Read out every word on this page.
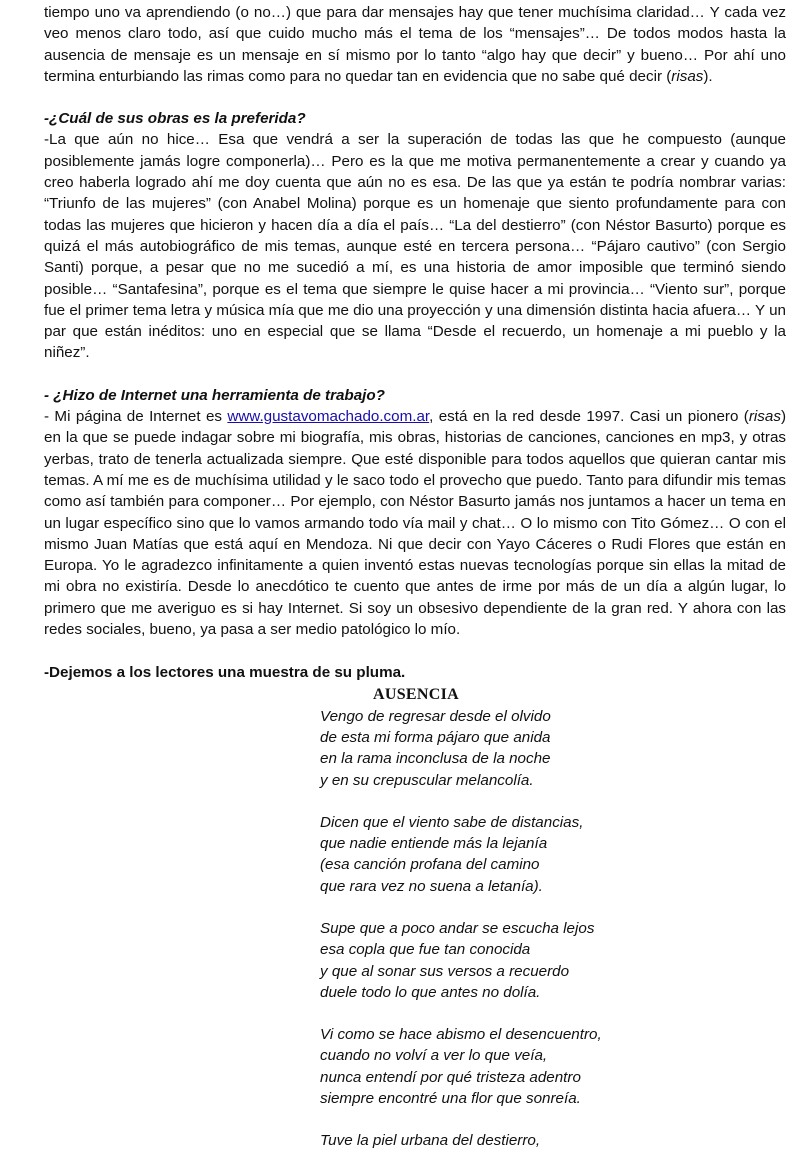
tiempo uno va aprendiendo (o no…) que para dar mensajes hay que tener muchísima claridad… Y cada vez veo menos claro todo, así que cuido mucho más el tema de los “mensajes”… De todos modos hasta la ausencia de mensaje es un mensaje en sí mismo por lo tanto “algo hay que decir” y bueno… Por ahí uno termina enturbiando las rimas como para no quedar tan en evidencia que no sabe qué decir (risas).

-¿Cuál de sus obras es la preferida?

-La que aún no hice… Esa que vendrá a ser la superación de todas las que he compuesto (aunque posiblemente jamás logre componerla)… Pero es la que me motiva permanentemente a crear y cuando ya creo haberla logrado ahí me doy cuenta que aún no es esa. De las que ya están te podría nombrar varias: “Triunfo de las mujeres” (con Anabel Molina) porque es un homenaje que siento profundamente para con todas las mujeres que hicieron y hacen día a día el país… “La del destierro” (con Néstor Basurto) porque es quizá el más autobiográfico de mis temas, aunque esté en tercera persona… “Pájaro cautivo” (con Sergio Santi) porque, a pesar que no me sucedió a mí, es una historia de amor imposible que terminó siendo posible… “Santafesina”, porque es el tema que siempre le quise hacer a mi provincia… “Viento sur”, porque fue el primer tema letra y música mía que me dio una proyección y una dimensión distinta hacia afuera… Y un par que están inéditos: uno en especial que se llama “Desde el recuerdo, un homenaje a mi pueblo y la niñez”.

- ¿Hizo de Internet una herramienta de trabajo?

- Mi página de Internet es www.gustavomachado.com.ar, está en la red desde 1997. Casi un pionero (risas) en la que se puede indagar sobre mi biografía, mis obras, historias de canciones, canciones en mp3, y otras yerbas, trato de tenerla actualizada siempre. Que esté disponible para todos aquellos que quieran cantar mis temas. A mí me es de muchísima utilidad y le saco todo el provecho que puedo. Tanto para difundir mis temas como así también para componer… Por ejemplo, con Néstor Basurto jamás nos juntamos a hacer un tema en un lugar específico sino que lo vamos armando todo vía mail y chat… O lo mismo con Tito Gómez… O con el mismo Juan Matías que está aquí en Mendoza. Ni que decir con Yayo Cáceres o Rudi Flores que están en Europa. Yo le agradezco infinitamente a quien inventó estas nuevas tecnologías porque sin ellas la mitad de mi obra no existiría. Desde lo anecdótico te cuento que antes de irme por más de un día a algún lugar, lo primero que me averiguo es si hay Internet. Si soy un obsesivo dependiente de la gran red. Y ahora con las redes sociales, bueno, ya pasa a ser medio patológico lo mío.

-Dejemos a los lectores una muestra de su pluma.

AUSENCIA

Vengo de regresar desde el olvido

de esta mi forma pájaro que anida

en la rama inconclusa de la noche

y en su crepuscular melancolía.

Dicen que el viento sabe de distancias,

que nadie entiende más la lejanía

(esa canción profana del camino

que rara vez no suena a letanía).

Supe que a poco andar se escucha lejos

esa copla que fue tan conocida

y que al sonar sus versos a recuerdo

duele todo lo que antes no dolía.

Vi como se hace abismo el desencuentro,

cuando no volví a ver lo que veía,

nunca entendí por qué tristeza adentro

siempre encontré una flor que sonreía.

Tuve la piel urbana del destierro,
